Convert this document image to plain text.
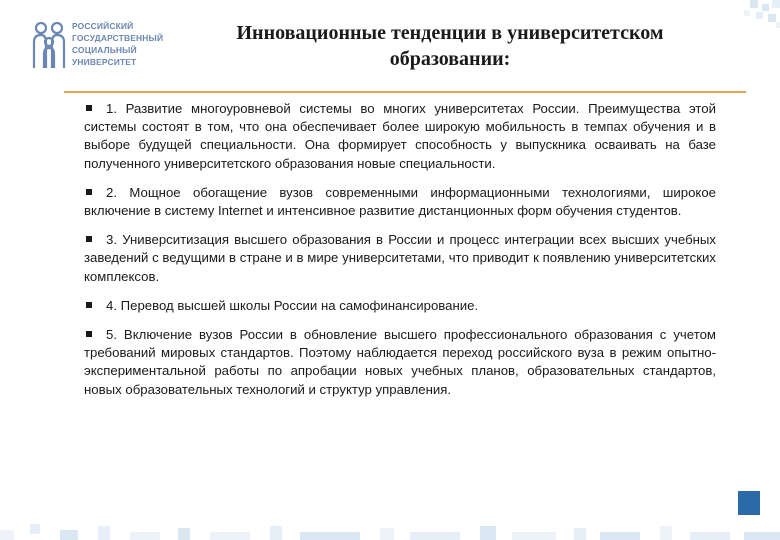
РОССИЙСКИЙ
ГОСУДАРСТВЕННЫЙ
СОЦИАЛЬНЫЙ
УНИВЕРСИТЕТ
Инновационные тенденции в университетском образовании:

1. Развитие многоуровневой системы во многих университетах России. Преимущества этой системы состоят в том, что она обеспечивает более широкую мобильность в темпах обучения и в выборе будущей специальности. Она формирует способность у выпускника осваивать на базе полученного университетского образования новые специальности.

2. Мощное обогащение вузов современными информационными технологиями, широкое включение в систему Internet и интенсивное развитие дистанционных форм обучения студентов.

3. Университизация высшего образования в России и процесс интеграции всех высших учебных заведений с ведущими в стране и в мире университетами, что приводит к появлению университетских комплексов.

4. Перевод высшей школы России на самофинансирование.

5. Включение вузов России в обновление высшего профессионального образования с учетом требований мировых стандартов. Поэтому наблюдается переход российского вуза в режим опытно-экспериментальной работы по апробации новых учебных планов, образовательных стандартов, новых образовательных технологий и структур управления.
